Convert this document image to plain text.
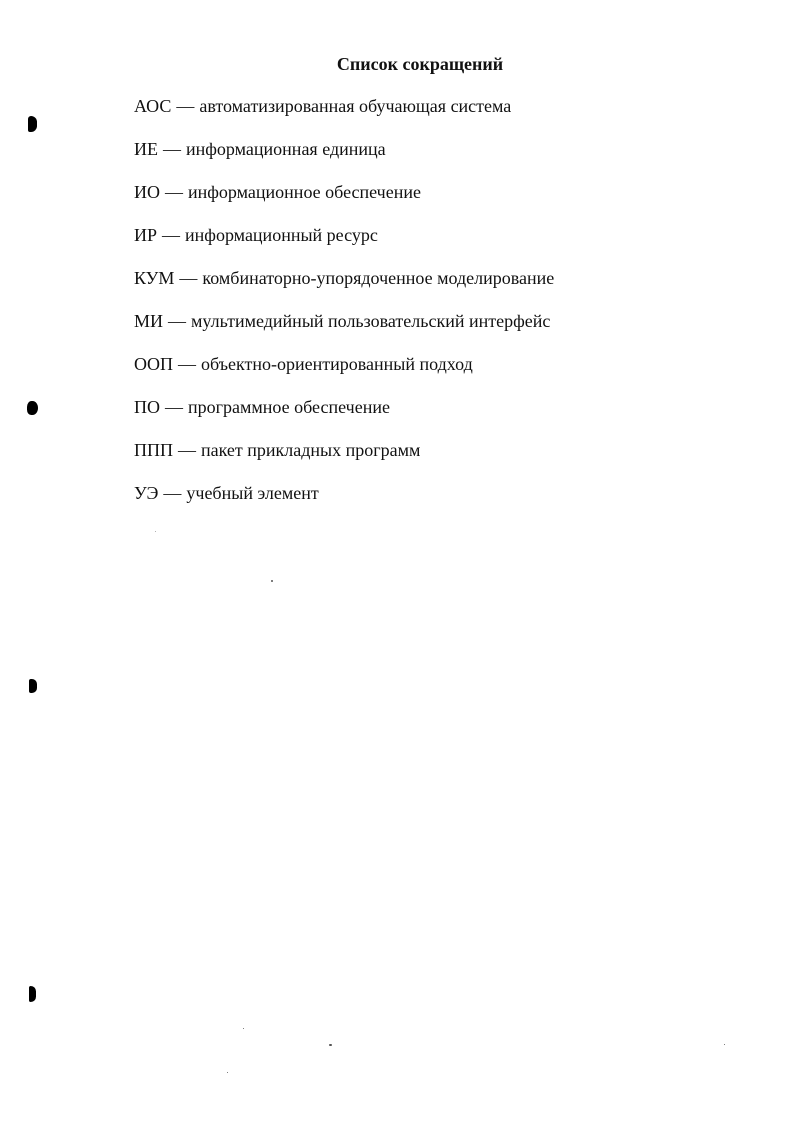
Список сокращений
АОС — автоматизированная обучающая система
ИЕ — информационная единица
ИО — информационное обеспечение
ИР — информационный ресурс
КУМ — комбинаторно-упорядоченное моделирование
МИ — мультимедийный пользовательский интерфейс
ООП — объектно-ориентированный подход
ПО — программное обеспечение
ППП — пакет прикладных программ
УЭ — учебный элемент
